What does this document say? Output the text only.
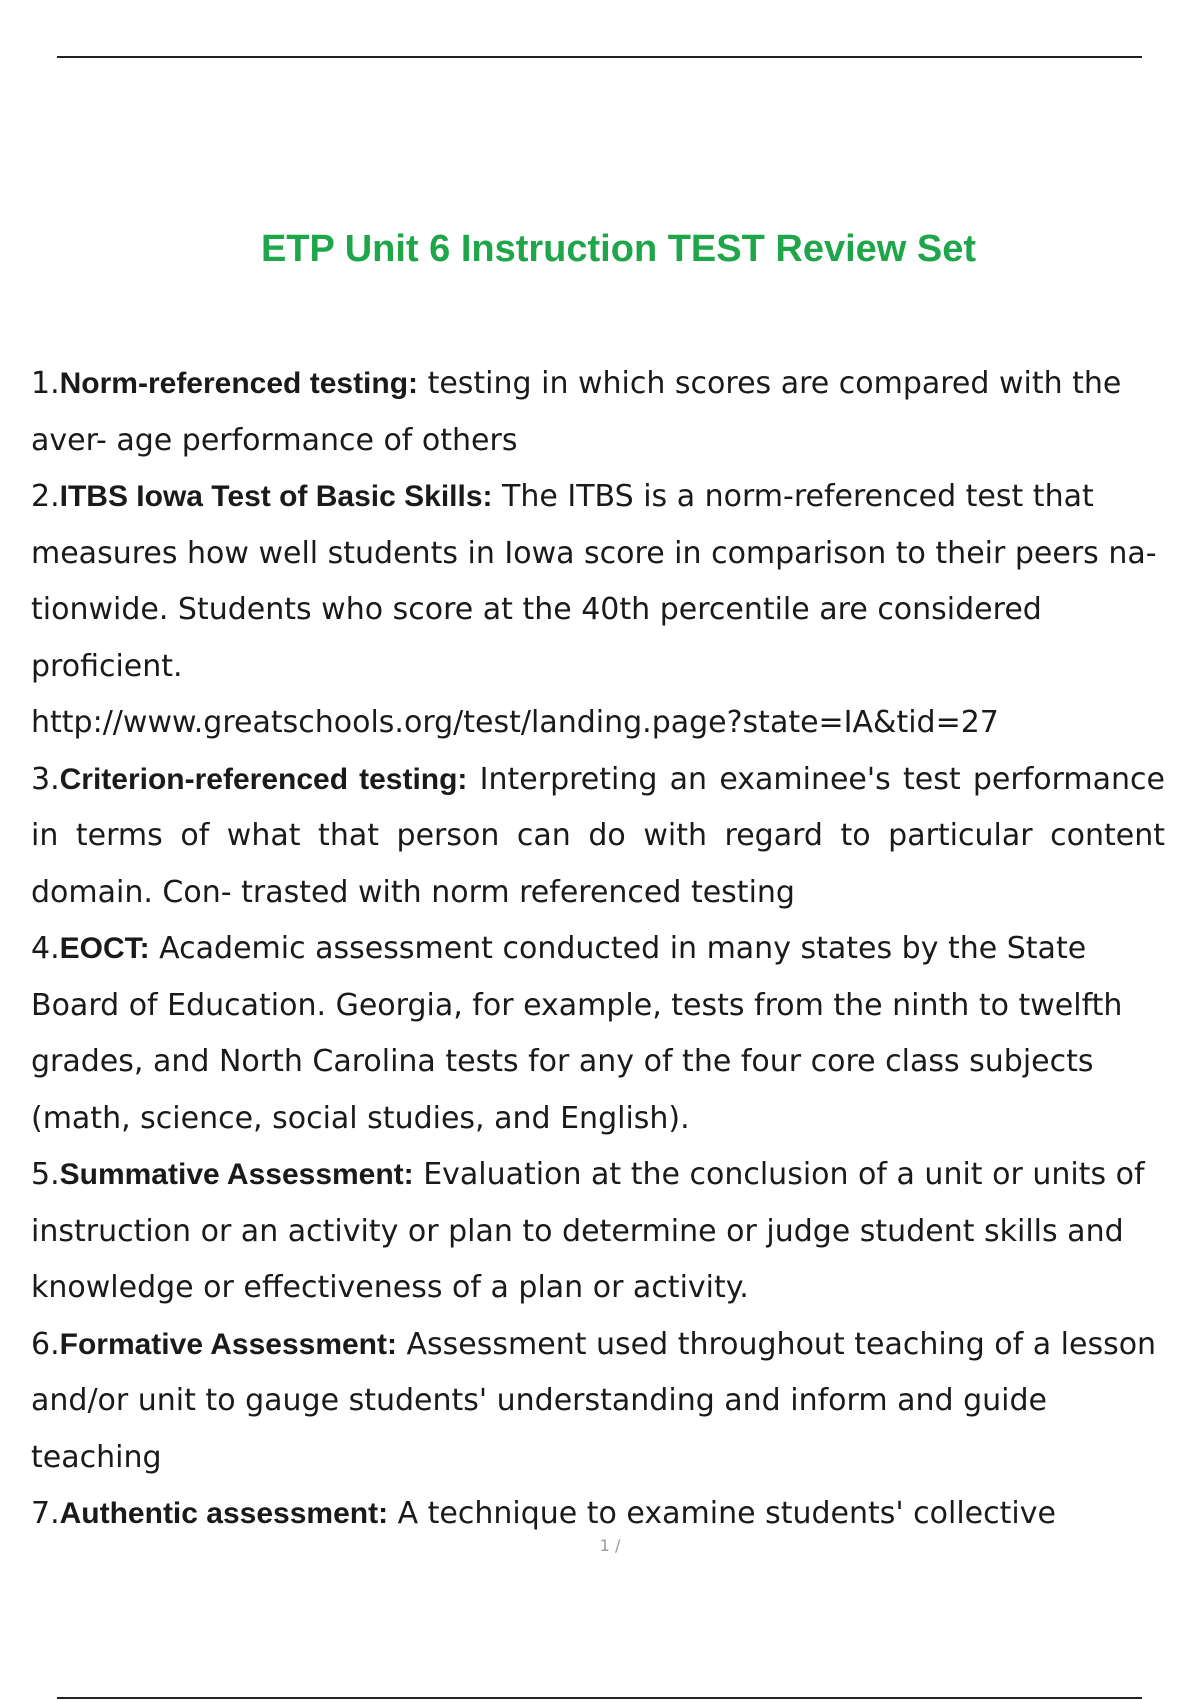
ETP Unit 6 Instruction TEST Review Set

1.Norm-referenced testing: testing in which scores are compared with the aver- age performance of others

2.ITBS Iowa Test of Basic Skills: The ITBS is a norm-referenced test that measures how well students in Iowa score in comparison to their peers na- tionwide. Students who score at the 40th percentile are considered proficient.

http://www.greatschools.org/test/landing.page?state=IA&tid=27

3.Criterion-referenced testing: Interpreting an examinee's test performance in terms of what that person can do with regard to particular content domain. Con- trasted with norm referenced testing

4.EOCT: Academic assessment conducted in many states by the State Board of Education. Georgia, for example, tests from the ninth to twelfth grades, and North Carolina tests for any of the four core class subjects (math, science, social studies, and English).

5.Summative Assessment: Evaluation at the conclusion of a unit or units of instruction or an activity or plan to determine or judge student skills and knowledge or effectiveness of a plan or activity.

6.Formative Assessment: Assessment used throughout teaching of a lesson and/or unit to gauge students' understanding and inform and guide teaching

7.Authentic assessment: A technique to examine students' collective

1 /
